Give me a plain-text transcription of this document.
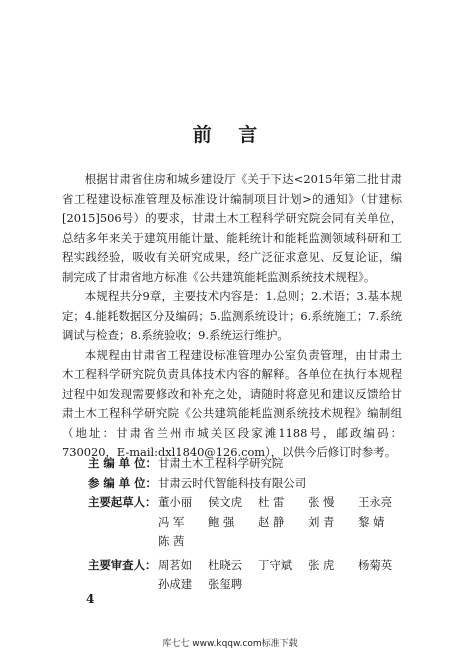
前 言

根据甘肃省住房和城乡建设厅《关于下达<2015年第二批甘肃省工程建设标准管理及标准设计编制项目计划>的通知》（甘建标[2015]506号）的要求，甘肃土木工程科学研究院会同有关单位，总结多年来关于建筑用能计量、能耗统计和能耗监测领域科研和工程实践经验，吸收有关研究成果，经广泛征求意见、反复论证，编制完成了甘肃省地方标准《公共建筑能耗监测系统技术规程》。

本规程共分9章，主要技术内容是：1.总则；2.术语；3.基本规定；4.能耗数据区分及编码；5.监测系统设计；6.系统施工；7.系统调试与检查；8.系统验收；9.系统运行维护。

本规程由甘肃省工程建设标准管理办公室负责管理，由甘肃土木工程科学研究院负责具体技术内容的解释。各单位在执行本规程过程中如发现需要修改和补充之处，请随时将意见和建议反馈给甘肃土木工程科学研究院《公共建筑能耗监测系统技术规程》编制组（地址：甘肃省兰州市城关区段家滩1188号，邮政编码：730020，E-mail:dxl1840@126.com），以供今后修订时参考。

主 编 单 位： 甘肃土木工程科学研究院
参 编 单 位： 甘肃云时代智能科技有限公司
主要起草人： 董小丽	侯文虎	杜 雷	张 慢	王永亮
冯 军	鲍 强	赵 静	刘 青	黎 婧
陈 茜
主要审查人： 周茗如	杜晓云	丁守斌	张 虎	杨菊英
孙成建	张玺聘
4
库七七 www.kqqw.com标准下载
